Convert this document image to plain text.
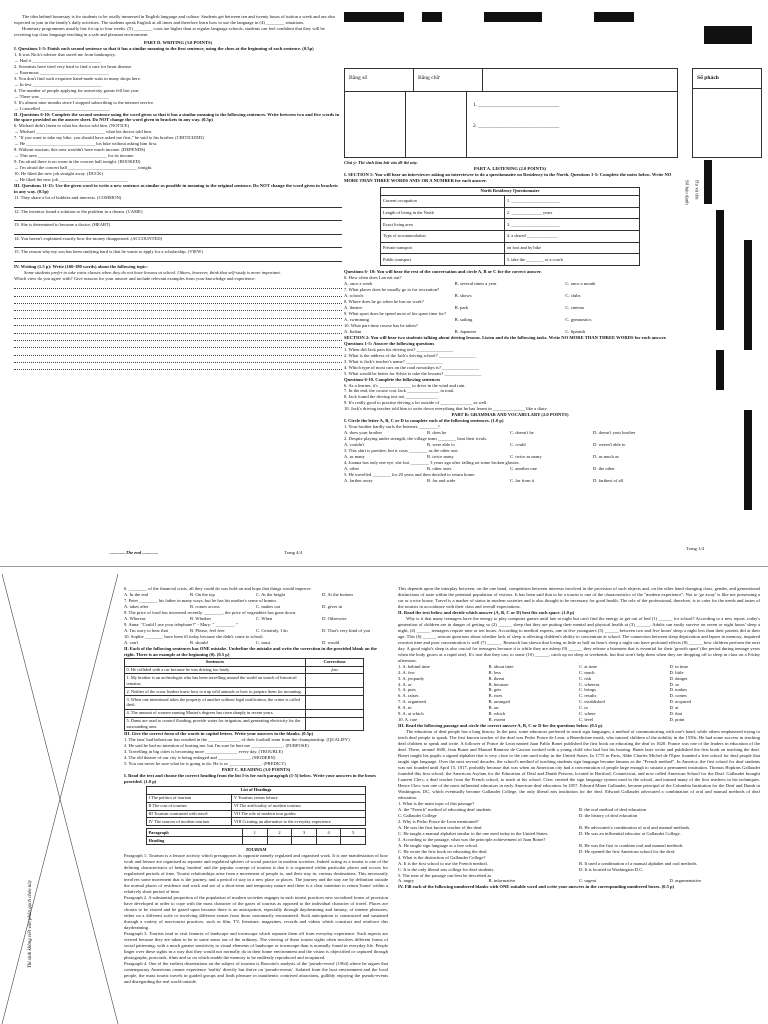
The idea behind homestay is for students to be totally immersed in English language and culture. Students get between ten and twenty hours of tuition a week and are also expected to join in the family's daily activities. The students speak English at all times and therefore learn how to use the language in (4) ________ situations.

Homestay programmes usually last for up to four weeks. (5) ________ costs are higher than at regular language schools, students can feel confident that they will be receiving top class language teaching in a safe and pleasant environment.

PART D. WRITING (3.0 POINTS)

I. Questions 1-5: Finish each second sentence so that it has a similar meaning to the first sentence, using the clues at the beginning of each sentence. (0.5p)

1. It was Nick's adviser that saved me from bankruptcy.

→ Had it ______________________________

2. Scientists have tried very hard to find a cure for heart disease.

→ Enormous ______________________________

3. You don't find such exquisite hand-made suits in many shops here.

→ In few ______________________________

4. The number of people applying for university grants fell last year.

→ There was ______________________________

5. It's almost nine months since I stopped subscribing to the internet service.

→ I cancelled ______________________________

II. Questions 6-10: Complete the second sentence using the word given so that it has a similar meaning to the following sentences. Write between two and five words in the space provided on the answer sheet. Do NOT change the word given in brackets in any way. (0.5p)

6. Michael didn't listen to what his doctor told him. (NOTICE)

→ Michael ______________________________ what his doctor told him.

7. "If you want to take my bike, you should have asked me first," he said to his brother. (CRITICIZED)

→ He ______________________________ his bike without asking him first.

8. Without tourism, this area wouldn't have much income. (DEPENDS)

→ This area ______________________________ for its income.

9. I'm afraid there is no room in the concert hall tonight. (BOOKED)

→ I'm afraid the concert hall ______________________________ tonight.

10. He liked the new job straight away. (DUCK)

→ He liked the new job ______________________________

III. Questions 11-15: Use the given word to write a new sentence as similar as possible in meaning to the original sentence. Do NOT change the word given in brackets in any way. (0.5p)

11. They share a lot of hobbies and interests. (COMMON)

12. The inventor found a solution to the problem in a dream. (CAME)

13. She is determined to become a doctor. (HEART)

14. You haven't explained exactly how the money disappeared. (ACCOUNTED)

15. The reason why my son has been studying hard is that he wants to apply for a scholarship. (VIEW)

IV. Writing (1.5 p): Write (160-180 words) about the following topic:

Some students prefer to take extra classes when they do not have lessons at school. Others, however, think that self-study is more important.

Which view do you agree with? Give reasons for your answer and include relevant examples from your knowledge and experience.

..............The end ..............	Trang 4/4

Bằng số	Bằng chữ

1. ______________________________

2. ______________________________

Số phách

Chú ý: Thí sinh làm bài vào đề thi này.

PART A. LISTENING (2.0 POINTS)

I. SECTION 1: You will hear an interviewer asking an interviewee to do a questionnaire on Residency in the North. Questions 1-5: Complete the notes below. Write NO MORE THAN THREE WORDS AND/ OR A NUMBER for each answer.

North Residency Questionnaire	
Current occupation	1. ______________________
Length of living in the North	2. ______________ years
Exact living area	3. ______________________
Type of accommodation	4. a shared ______________
Private transport	on foot and by bike
Public transport	5. take the ________ or a coach

Questions 6- 10: You will hear the rest of the conversation and circle A, B or C for the correct answer.

6. How often does Lan eat out?

A. once a week	B. several times a year	C. once a month

7. What places does he usually go to for recreation?

A. schools	B. shows	C. clubs

8. Where does he go when he has no work?

A. theatre	B. park	C. cinema

9. What sport does he spend most of his spare time for?

A. swimming	B. sailing	C. gymnastics

10. What part-time course has he taken?

A. Italian	B. Japanese	C. Spanish

SECTION 2: You will hear two students talking about driving lessons. Listen and do the following tasks. Write NO MORE THAN THREE WORDS for each answer.

Questions 1-5: Answer the following questions

1. When did Jack pass his driving test? ________________

2. What is the address of the Jack's driving school? ________________

3. What is Jack's teacher's name? ________________

4. Which type of most cars on the road nowadays is? ________________

5. What would be better for Silvia to take the lessons? ________________

Questions 6-10. Complete the following sentences

6. As a learner, it's ______________ to drive in the wind and rain.

7. In the end, the course cost Jack ______________ in total.

8. Jack found the driving test not ______________

9. It's really good to practise driving a lot outside of ______________ as well.

10. Jack's driving teacher told him to write down everything that he has learnt in ______________ like a diary.

PART B: GRAMMAR AND VOCABULARY (2.0 POINTS)

I. Circle the letter A, B, C or D to complete each of the following sentences. (1.0 p)

1. Your brother hardly surfs the Internet, ________?

A. does your brother	B. does he	C. doesn't he	D. doesn't your brother

2. Despite playing under strength, the village team ________ beat their rivals.

A. couldn't	B. were able to	C. could	D. weren't able to

3. This shirt is pretttier, but it costs ________ as the other one.

A. as many	B. twice many	C. twice as many	D. as much as

4. Joanna has only one eye, she lost ________ 3 years ago after falling on some broken glasses.

A. other	B. other ones	C. another one	D. the other

5. He travelled ________ for 20 years and then decided to return home.

A. farther away	B. far and wide	C. far from it	D. farthest of all

Trang 1/4

Họ và tên
Số báo danh
Thí sinh không viết vào phần gạch chéo này

6. ________ of the financial crisis, all they could do was hold on and hope that things would improve.

A. In the end	B. On the top	C. At the height	D. At the bottom

7. Peter ________ his father in many ways, but he has his mother's sense of humor.

A. takes after	B. comes across	C. makes out	D. gives in

8. The price of food has increased recently. ________, the price of vegetables has gone down.

A. Whereas	B. Whether	C. When	D. Otherwise

9. Anna: "Could I use your telephone?" - Mary: " ________ ."

A. I'm sorry to hear that	B. Please, feel free	C. Certainly, I do	D. That's very kind of you

10. Sophie ________ have been ill today because she didn't come to school.

A. can't	B. should	C. must	D. would

II. Each of the following sentences has ONE mistake. Underline the mistake and write the correction in the provided blank on the right. There is an example at the beginning (0). (0.5 p)

Sentences	Corrections
0. He collided with a car because he was driving too fastly.	fast
1. My brother is an archeologist who has been travelling around the world on search of historical remains.	
2. Neither of the scout leaders knew how to trap wild animals or how to prepare them for mounting.	
3. When one intentional takes the property of another without legal notification, the crime is called theft.	
4. The amount of women earning Master's degrees has risen sharply in recent years.	
5. Dams are used to control flooding, provide water for irrigation, and generating electricity for the surrounding area.	

III. Give the correct form of the words in capital letters. Write your answers in the blanks. (0.5p)

1. The fans' bad behaviour has resulted in the ______________ of their football team from the championship. (QUALIFY)

2. He said he had no intention of hurting me, but I'm sure he hurt me ______________. (PURPOSE)

3. Travelling in big cities is becoming more ______________ every day. (TROUBLE)

4. The old theatre of our city is being enlarged and ______________. (MODERN)

5. You can never be sure what he is going to do. He is so ______________. (PREDICT)

PART C. READING (3.0 POINTS)

I. Read the text and choose the correct heading from the list I-ix for each paragraph (1-5) below. Write your answers in the boxes provided. (1.0 p)

List of Headings	
I The politics of tourism	V Tourism versus leisure
II The cost of tourism	VI The artificiality of modern tourism
III Tourism contrasted with travel	VII The role of modern tour guides
IV The sources of modern tourism	VIII Creating an alternative to the everyday experience
Paragraph	1	2	3	4	5
Heading					

TOURISM

Paragraph 1. Tourism is a leisure activity which presupposes its opposite namely regulated and organised work. It is one manifestation of how work and leisure are organised as separate and regulated spheres of social practice in modern societies. Indeed acting as a tourist is one of the defining characteristics of being 'modern' and the popular concept of tourism is that it is organised within particular places and occurs for regularised periods of time. Tourist relationships arise from a movement of people to, and their stay in, various destinations. This necessarily involves some movement that is the journey, and a period of stay in a new place or places. The journey and the stay are by definition outside the normal places of residence and work and are of a short-term and temporary nature and there is a clear intention to return 'home' within a relatively short period of time.

Paragraph 2. A substantial proportion of the population of modern societies engages in such tourist practices new socialised forms of provision have developed in order to cope with the mass character of the gazes of tourists as opposed to the individual character of travel. Places are chosen to be visited and be gazed upon because there is an anticipation, especially through daydreaming and fantasy, of intense pleasures, either on a different scale or involving different senses from those customarily encountered. Such anticipation is constructed and sustained through a variety of non-tourist practices, such as film, TV, literature, magazines, records and videos which construct and reinforce this daydreaming.

Paragraph 3. Tourists tend to visit features of landscape and townscape which separate them off from everyday experience. Such aspects are viewed because they are taken to be in some sense out of the ordinary. The viewing of these tourist sights often involves different forms of social patterning, with a much greater sensitivity to visual elements of landscape or townscape than is normally found in everyday life. People linger over these sights in a way that they would not normally do in their home environment and the vision is objectified or captured through photographs, postcards, films and so on which enable the memory to be endlessly reproduced and recaptured.

Paragraph 4. One of the earliest dissertations on the subject of tourism is Boorstin's analysis of the 'pseudo-event' (1964) where he argues that contemporary Americans cannot experience 'reality' directly but thrive on 'pseudo-events'. Isolated from the host environment and the local people, the mass tourist travels in guided groups and finds pleasure in inauthentic contrived attractions, gullibly enjoying the pseudo-events and disregarding the real world outside.

This depends upon the interplay between, on the one hand, competition between interests involved in the provision of such objects and, on the other hand changing class, gender, and generational distinctions of taste within the potential population of visitors. It has been said that to be a tourist is one of the characteristics of the "modern experience". Not to 'go away' is like not possessing a car or a nice house. Travel is a marker of status in modern societies and is also thought to be necessary for good health. The role of the professional, therefore, is to cater for the needs and tastes of the tourists in accordance with their class and overall expectations.

II. Read the text below and decide which answer (A, B, C or D) best fits each space. (1.0 p)

Why is it that many teenagers have the energy to play computer games until late at night but can't find the energy to get out of bed (1) ______ for school? According to a new report, today's generation of children are in danger of getting so (2) ______ sleep that they are putting their mental and physical health at (3) ______. Adults can easily survive on seven or eight hours' sleep a night, (4) ______ teenagers require nine or ten hours. According to medical experts, one in five youngsters (5) ______ between two and five hours' sleep a night less than their parents did at their age. This (6) ______ serious questions about whether lack of sleep is affecting children's ability to concentrate at school. The connection between sleep deprivation and lapses in memory, impaired reaction time and poor concentration is well (7) ______. Research has shown that losing as little as half an hour's sleep a night can have profound effects (8) ______ how children perform the next day. A good night's sleep is also crucial for teenagers because it is while they are asleep (9) ______ they release a hormone that is essential for their 'growth spurt' (the period during teenage years when the body grows at a rapid rate). It's true that they can, to some (10) ______, catch up on sleep at weekends, but that won't help them when they are dropping off to sleep in class on a Friday afternoon.

1. A. behind time	B. about time	C. at time	D. in time
2. A. few	B. less	C. much	D. little
3. A. jeopardy	B. threat	C. risk	D. danger
4. A. or	B. because	C. whereas	D. so
5. A. puts	B. gets	C. brings	D. makes
6. A. raises	B. rises	C. results	D. comes
7. A. organized	B. arranged	C. established	D. acquired
8. A. in	B. on	C. to	D. at
9. A. at which	B. which	C. where	D. that
10. A. rate	B. extent	C. level	D. point

III. Read the following passage and circle the correct answer A, B, C or D for the questions below. (0.5 p)

The education of deaf people has a long history. In the past, some educators preferred to teach sign languages, a method of communicating with one's hand, while others emphasized trying to teach deaf people to speak. The first known teacher of the deaf was Pedro Ponce de Leon, a Benedictine monk, who tutored children of the nobility in the 1550s. He had some success in teaching deaf children to speak and write. A follower of Ponce de Leon named Juan Pablo Bonet published the first book on educating the deaf in 1620. France was one of the leaders in education of the deaf. There, around 1600, Jean Bonet and Manuel Ramirez de Carrion worked with a young child who had lost his hearing. Bonet later wrote and published the first book on teaching the deaf. Bonet taught his pupils a signed alphabet that is very close to the one used today in the United States. In 1775 in Paris, Abbe Charles Michel de l'Epee founded a free school for deaf people that taught sign language. Over the next several decades, the school's method of teaching students sign language became famous as the "French method". In America, the first school for deaf students was not founded until April 15, 1817, probably because that was when an American city had a concentration of people large enough to sustain a permanent institution. Thomas Hopkins Gallaudet founded this first school, the American Asylum for the Education of Deaf and Dumb Persons, located in Hartford, Connecticut, and now called American School for the Deaf. Gallaudet brought Laurent Clerc, a deaf teacher from the French school, to teach at his school. Clerc created the sign language system used in the school, and trained many of the first teachers in his techniques. Hence Clerc was one of the most influential educators in early American deaf education. In 1857, Edward Miner Gallaudet, became principal of the Columbia Institution for the Deaf and Dumb in Washington, DC, which eventually became Gallaudet College, the only liberal arts institution for the deaf. Edward Gallaudet advocated a combination of oral and manual methods of deaf education.

1. What is the main topic of this passage?

A. the "French" method of educating deaf students	B. the oral method of deaf education
C. Gallaudet College	D. the history of deaf education

2. Why is Pedro Ponce de Leon mentioned?

A. He was the first known teacher of the deaf.	B. He advocated a combination of oral and manual methods.
C. He taught a manual alphabet similar to the one used today in the United States.	D. He was an influential educator at Gallaudet College.

3. According to the passage, what was the principle achievement of Juan Bonet?

A. He taught sign language at a free school.	B. He was the first to combine oral and manual methods.
C. He wrote the first book on educating the deaf.	D. He opened the first American school for the deaf.

4. What is the distinction of Gallaudet College?

A. It is the first school to use the French method.	B. It used a combination of a manual alphabet and oral methods.
C. It is the only liberal arts college for deaf students.	D. It is located in Washington D.C.

5. The tone of the passage can best be described as

A. angry	B. informative	C. urgent	D. argumentative

IV. Fill each of the following numbered blanks with ONE suitable word and write your answers in the corresponding numbered boxes. (0.5 p)
